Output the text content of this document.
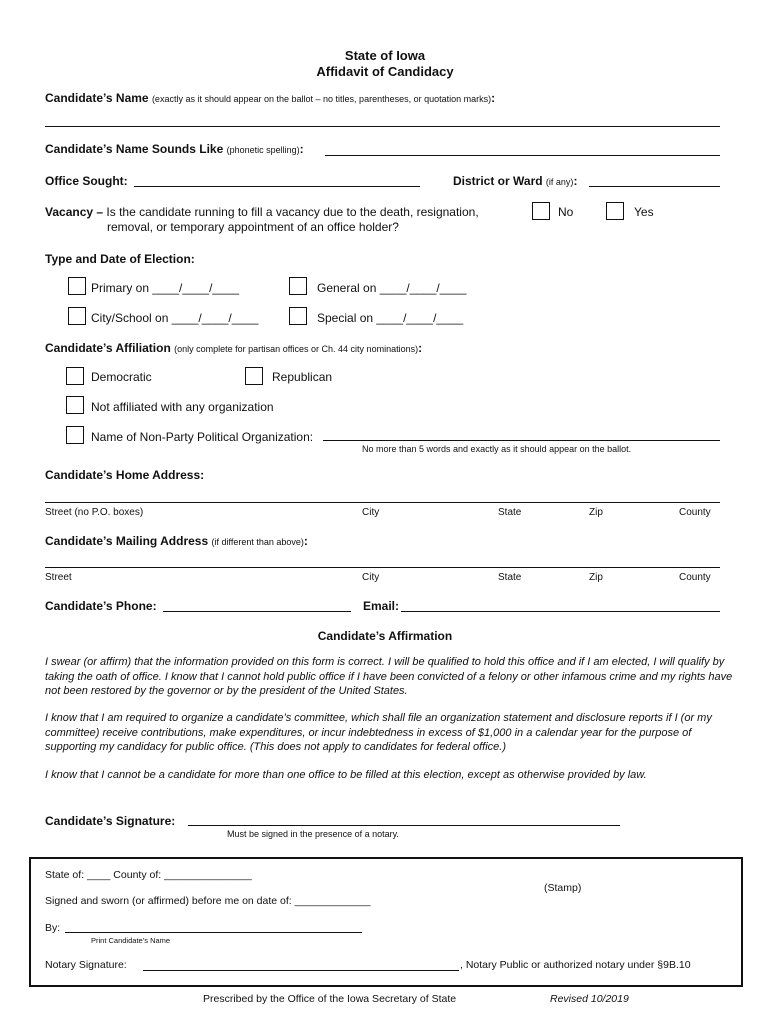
State of Iowa
Affidavit of Candidacy
Candidate’s Name (exactly as it should appear on the ballot – no titles, parentheses, or quotation marks):
Candidate’s Name Sounds Like (phonetic spelling):
Office Sought:	District or Ward (if any):
Vacancy – Is the candidate running to fill a vacancy due to the death, resignation,
removal, or temporary appointment of an office holder?
No	Yes
Type and Date of Election:
Primary on ____/____/____	General on ____/____/____
City/School on ____/____/____	Special on ____/____/____
Candidate’s Affiliation (only complete for partisan offices or Ch. 44 city nominations):
Democratic	Republican
Not affiliated with any organization
Name of Non-Party Political Organization:
No more than 5 words and exactly as it should appear on the ballot.
Candidate’s Home Address:
Street (no P.O. boxes)	City	State	Zip	County
Candidate’s Mailing Address (if different than above):
Street	City	State	Zip	County
Candidate’s Phone:	Email:
Candidate’s Affirmation
I swear (or affirm) that the information provided on this form is correct. I will be qualified to hold this office and if I am elected, I will qualify by taking the oath of office. I know that I cannot hold public office if I have been convicted of a felony or other infamous crime and my rights have not been restored by the governor or by the president of the United States.
I know that I am required to organize a candidate’s committee, which shall file an organization statement and disclosure reports if I (or my committee) receive contributions, make expenditures, or incur indebtedness in excess of $1,000 in a calendar year for the purpose of supporting my candidacy for public office. (This does not apply to candidates for federal office.)
I know that I cannot be a candidate for more than one office to be filled at this election, except as otherwise provided by law.
Candidate’s Signature:
Must be signed in the presence of a notary.
State of: ____ County of: _______________
(Stamp)
Signed and sworn (or affirmed) before me on date of: _____________
By:
Print Candidate’s Name
Notary Signature:	, Notary Public or authorized notary under §9B.10
Prescribed by the Office of the Iowa Secretary of State	Revised 10/2019
